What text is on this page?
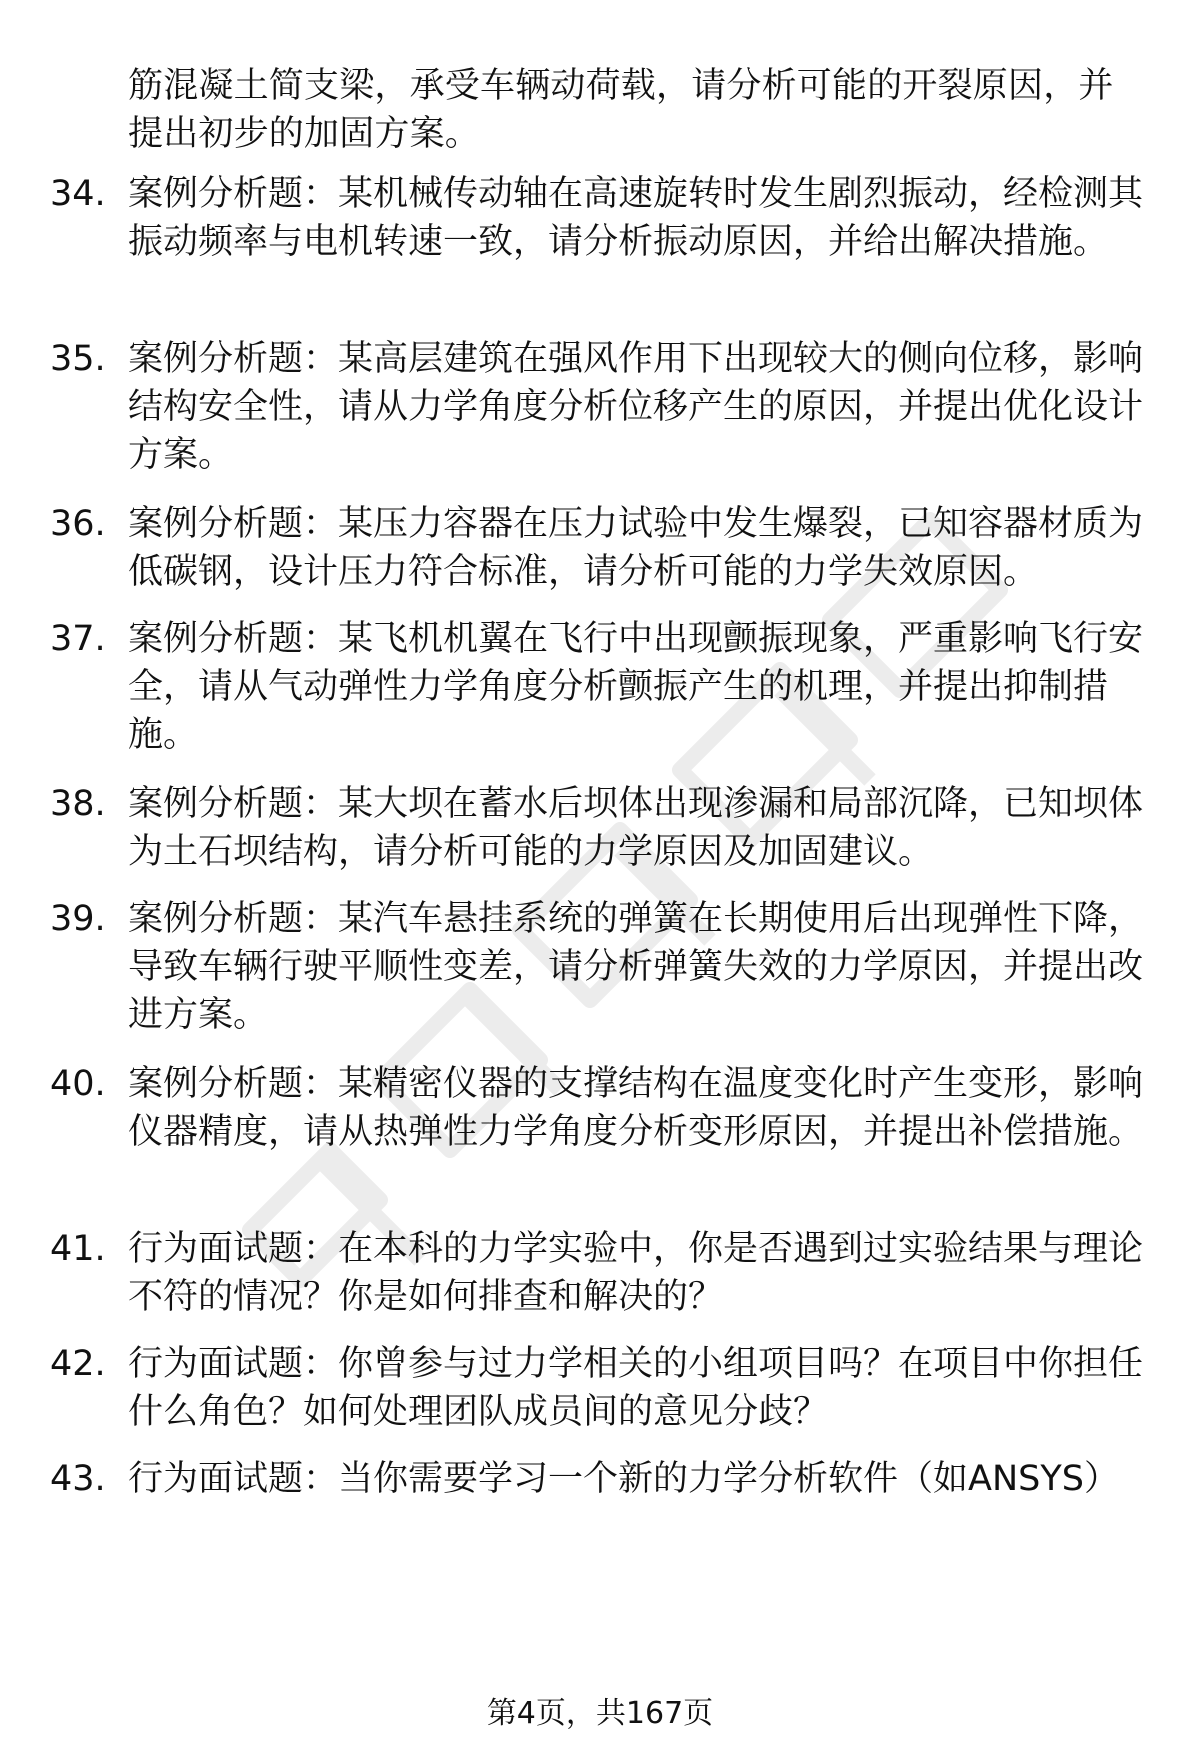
筋混凝土简支梁，承受车辆动荷载，请分析可能的开裂原因，并提出初步的加固方案。
34. 案例分析题：某机械传动轴在高速旋转时发生剧烈振动，经检测其振动频率与电机转速一致，请分析振动原因，并给出解决措施。
35. 案例分析题：某高层建筑在强风作用下出现较大的侧向位移，影响结构安全性，请从力学角度分析位移产生的原因，并提出优化设计方案。
36. 案例分析题：某压力容器在压力试验中发生爆裂，已知容器材质为低碳钢，设计压力符合标准，请分析可能的力学失效原因。
37. 案例分析题：某飞机机翼在飞行中出现颤振现象，严重影响飞行安全，请从气动弹性力学角度分析颤振产生的机理，并提出抑制措施。
38. 案例分析题：某大坝在蓄水后坝体出现渗漏和局部沉降，已知坝体为土石坝结构，请分析可能的力学原因及加固建议。
39. 案例分析题：某汽车悬挂系统的弹簧在长期使用后出现弹性下降，导致车辆行驶平顺性变差，请分析弹簧失效的力学原因，并提出改进方案。
40. 案例分析题：某精密仪器的支撑结构在温度变化时产生变形，影响仪器精度，请从热弹性力学角度分析变形原因，并提出补偿措施。
41. 行为面试题：在本科的力学实验中，你是否遇到过实验结果与理论不符的情况？你是如何排查和解决的？
42. 行为面试题：你曾参与过力学相关的小组项目吗？在项目中你担任什么角色？如何处理团队成员间的意见分歧？
43. 行为面试题：当你需要学习一个新的力学分析软件（如ANSYS）
第4页，共167页
